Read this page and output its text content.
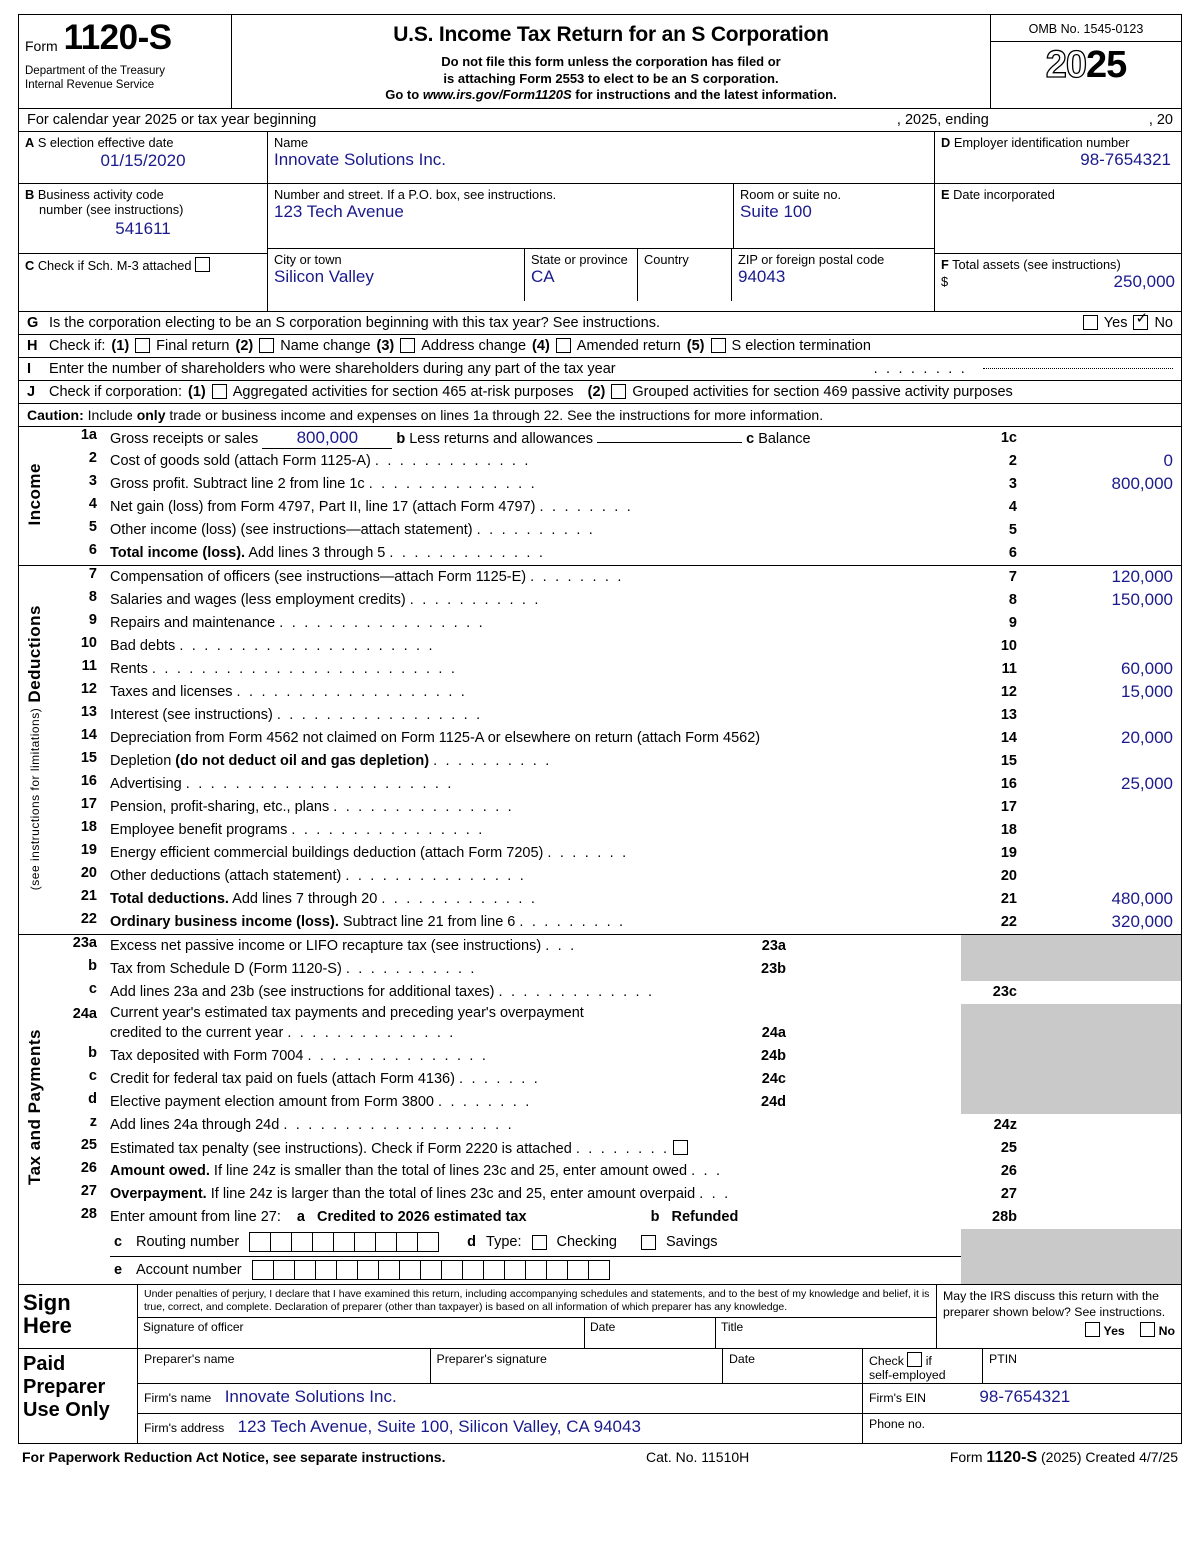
Form 1120-S
Department of the Treasury
Internal Revenue Service
U.S. Income Tax Return for an S Corporation
Do not file this form unless the corporation has filed or
is attaching Form 2553 to elect to be an S corporation.
Go to www.irs.gov/Form1120S for instructions and the latest information.
OMB No. 1545-0123
2025
For calendar year 2025 or tax year beginning	, 2025, ending	, 20
A S election effective date
01/15/2020
B Business activity code
number (see instructions)
541611
C Check if Sch. M-3 attached
Name
Innovate Solutions Inc.
Number and street. If a P.O. box, see instructions.
123 Tech Avenue
Room or suite no.
Suite 100
City or town
Silicon Valley
State or province
CA
Country	ZIP or foreign postal code
94043
D Employer identification number
98-7654321
E Date incorporated
F Total assets (see instructions)
$	250,000
G Is the corporation electing to be an S corporation beginning with this tax year? See instructions.	Yes ✓ No
H Check if: (1) Final return (2) Name change (3) Address change (4) Amended return (5) S election termination
I	Enter the number of shareholders who were shareholders during any part of the tax year	. . . . . . . .
J Check if corporation: (1) Aggregated activities for section 465 at-risk purposes (2) Grouped activities for section 469 passive activity purposes
Caution: Include only trade or business income and expenses on lines 1a through 22. See the instructions for more information.
Income	1a	Gross receipts or sales 800,000 b Less returns and allowances c Balance	1c	
	2	Cost of goods sold (attach Form 1125-A) . . . . . . . . . . . . .	2	0
	3	Gross profit. Subtract line 2 from line 1c . . . . . . . . . . . . . .	3	800,000
	4	Net gain (loss) from Form 4797, Part II, line 17 (attach Form 4797) . . . . . . . .	4	
	5	Other income (loss) (see instructions—attach statement) . . . . . . . . . .	5	
	6	Total income (loss). Add lines 3 through 5 . . . . . . . . . . . . .	6	
(see instructions for limitations) Deductions	7	Compensation of officers (see instructions—attach Form 1125-E) . . . . . . . .	7	120,000
	8	Salaries and wages (less employment credits) . . . . . . . . . . .	8	150,000
	9	Repairs and maintenance . . . . . . . . . . . . . . . . .	9	
	10	Bad debts . . . . . . . . . . . . . . . . . . . . .	10	
	11	Rents . . . . . . . . . . . . . . . . . . . . . . . . .	11	60,000
	12	Taxes and licenses . . . . . . . . . . . . . . . . . . .	12	15,000
	13	Interest (see instructions) . . . . . . . . . . . . . . . . .	13	
	14	Depreciation from Form 4562 not claimed on Form 1125-A or elsewhere on return (attach Form 4562)	14	20,000
	15	Depletion (do not deduct oil and gas depletion) . . . . . . . . . .	15	
	16	Advertising . . . . . . . . . . . . . . . . . . . . . .	16	25,000
	17	Pension, profit-sharing, etc., plans . . . . . . . . . . . . . . .	17	
	18	Employee benefit programs . . . . . . . . . . . . . . . .	18	
	19	Energy efficient commercial buildings deduction (attach Form 7205) . . . . . . .	19	
	20	Other deductions (attach statement) . . . . . . . . . . . . . . .	20	
	21	Total deductions. Add lines 7 through 20 . . . . . . . . . . . . .	21	480,000
	22	Ordinary business income (loss). Subtract line 21 from line 6 . . . . . . . . .	22	320,000
Tax and Payments	23a	Excess net passive income or LIFO recapture tax (see instructions) . . .	23a			
	b	Tax from Schedule D (Form 1120-S) . . . . . . . . . . .	23b			
	c	Add lines 23a and 23b (see instructions for additional taxes) . . . . . . . . . . . . .			23c	
	24a	Current year's estimated tax payments and preceding year's overpayment				
		credited to the current year . . . . . . . . . . . . . .	24a			
	b	Tax deposited with Form 7004 . . . . . . . . . . . . . . .	24b			
	c	Credit for federal tax paid on fuels (attach Form 4136) . . . . . . .	24c			
	d	Elective payment election amount from Form 3800 . . . . . . . .	24d			
	z	Add lines 24a through 24d . . . . . . . . . . . . . . . . . . .			24z	
	25	Estimated tax penalty (see instructions). Check if Form 2220 is attached . . . . . . . .			25	
	26	Amount owed. If line 24z is smaller than the total of lines 23c and 25, enter amount owed . . .			26	
	27	Overpayment. If line 24z is larger than the total of lines 23c and 25, enter amount overpaid . . .			27	
	28	Enter amount from line 27: a Credited to 2026 estimated tax b Refunded			28b	

c Routing number	d Type: Checking	Savings
e Account number

Sign
Here
Under penalties of perjury, I declare that I have examined this return, including accompanying schedules and statements, and to the best of my knowledge and belief, it is true, correct, and complete. Declaration of preparer (other than taxpayer) is based on all information of which preparer has any knowledge.
Signature of officer	Date	Title
May the IRS discuss this return with the preparer shown below? See instructions.
Yes	No
Paid
Preparer
Use Only
Preparer's name	Preparer's signature	Date	Check if
self-employed
PTIN
Firm's name Innovate Solutions Inc.	Firm's EIN	98-7654321
Firm's address 123 Tech Avenue, Suite 100, Silicon Valley, CA 94043	Phone no.
For Paperwork Reduction Act Notice, see separate instructions.	Cat. No. 11510H	Form 1120-S (2025) Created 4/7/25
